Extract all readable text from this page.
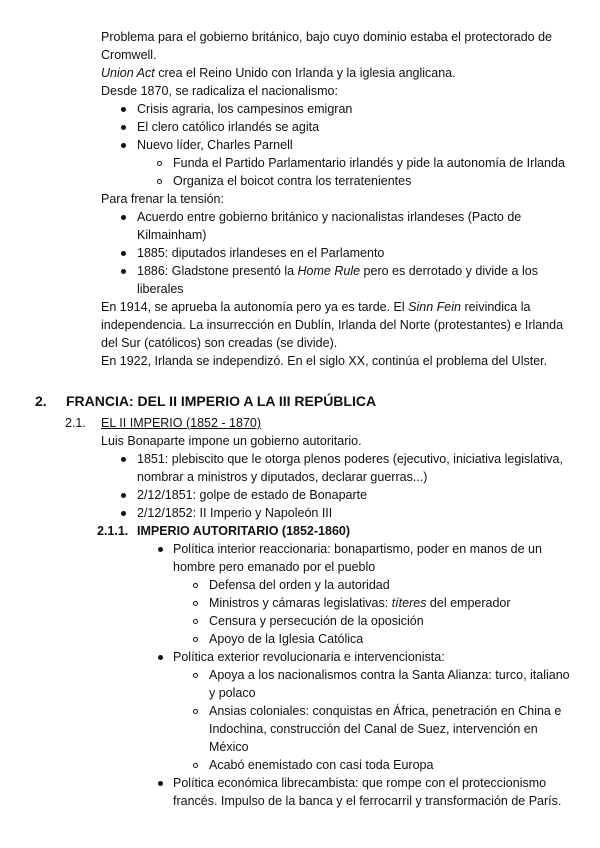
Problema para el gobierno británico, bajo cuyo dominio estaba el protectorado de
Cromwell.
Union Act crea el Reino Unido con Irlanda y la iglesia anglicana.
Desde 1870, se radicaliza el nacionalismo:
Crisis agraria, los campesinos emigran
El clero católico irlandés se agita
Nuevo líder, Charles Parnell
Funda el Partido Parlamentario irlandés y pide la autonomía de Irlanda
Organiza el boicot contra los terratenientes
Para frenar la tensión:
Acuerdo entre gobierno británico y nacionalistas irlandeses (Pacto de
Kilmainham)
1885: diputados irlandeses en el Parlamento
1886: Gladstone presentó la Home Rule pero es derrotado y divide a los
liberales
En 1914, se aprueba la autonomía pero ya es tarde. El Sinn Fein reivindica la
independencia. La insurrección en Dublín, Irlanda del Norte (protestantes) e Irlanda
del Sur (católicos) son creadas (se divide).
En 1922, Irlanda se independizó. En el siglo XX, continúa el problema del Ulster.
2. FRANCIA: DEL II IMPERIO A LA III REPÚBLICA
2.1. EL II IMPERIO (1852 - 1870)
Luis Bonaparte impone un gobierno autoritario.
1851: plebiscito que le otorga plenos poderes (ejecutivo, iniciativa legislativa,
nombrar a ministros y diputados, declarar guerras...)
2/12/1851: golpe de estado de Bonaparte
2/12/1852: II Imperio y Napoleón III
2.1.1. IMPERIO AUTORITARIO (1852-1860)
Política interior reaccionaria: bonapartismo, poder en manos de un
hombre pero emanado por el pueblo
Defensa del orden y la autoridad
Ministros y cámaras legislativas: títeres del emperador
Censura y persecución de la oposición
Apoyo de la Iglesia Católica
Política exterior revolucionaria e intervencionista:
Apoya a los nacionalismos contra la Santa Alianza: turco, italiano
y polaco
Ansias coloniales: conquistas en África, penetración en China e
Indochina, construcción del Canal de Suez, intervención en
México
Acabó enemistado con casi toda Europa
Política económica librecambista: que rompe con el proteccionismo
francés. Impulso de la banca y el ferrocarril y transformación de París.
